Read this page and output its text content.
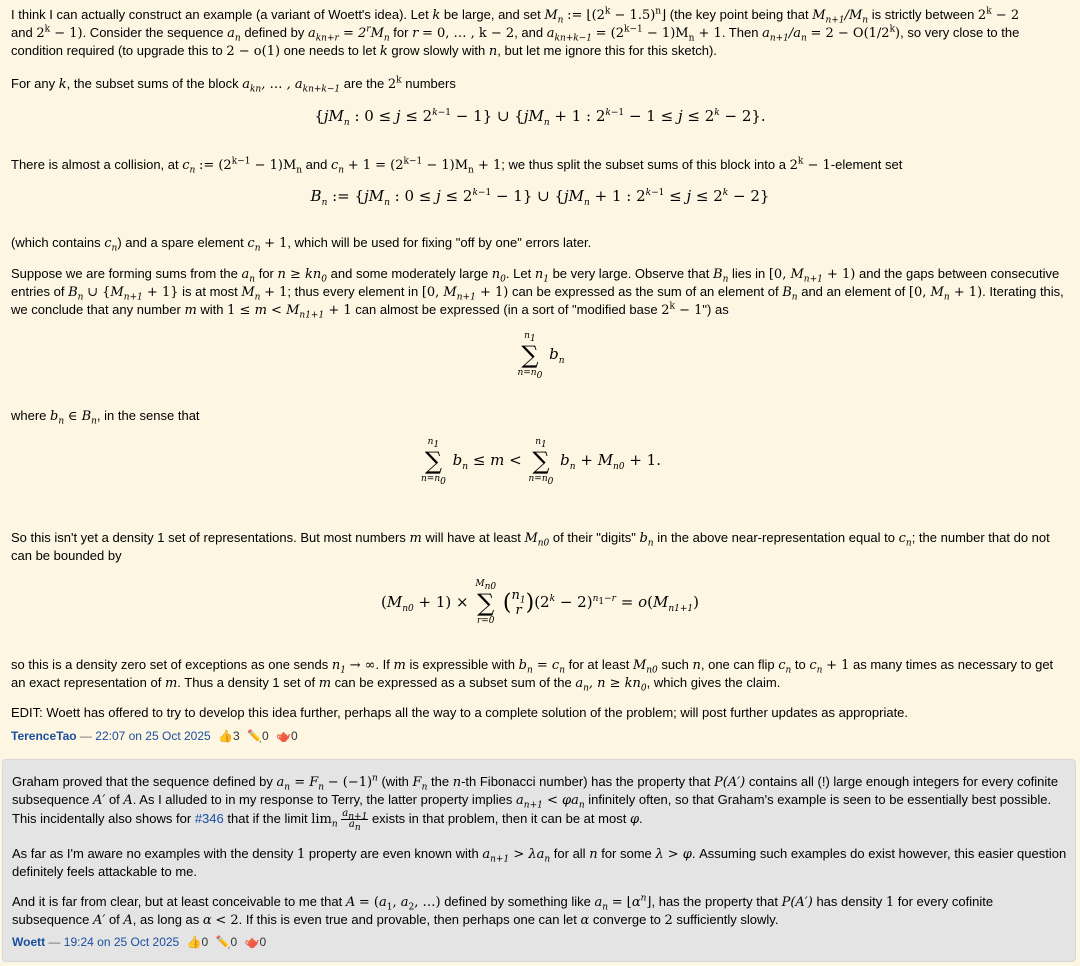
I think I can actually construct an example (a variant of Woett's idea). Let k be large, and set $M_n$ := $⌊(2^k$ − 1.5)$^n$⌋ (the key point being that $M_{n+1}/M_n$ is strictly between $2^k - 2$
and $2^k - 1$). Consider the sequence $a_n$ defined by $a_{kn+r} = 2^rM_n$ for r = 0, … , k − 2, and $a_{kn+k-1} = (2^{k-1} - 1)M_n + 1$. Then $a_{n+1}/a_n = 2 - O(1/2^k)$, so very close to the condition required (to upgrade this to 2 − o(1) one needs to let k grow slowly with n, but let me ignore this for this sketch).

For any k, the subset sums of the block $a_{kn}$, … , $a_{kn+k-1}$ are the 2$^k$ numbers

{$jM_n$ : $0 \le j \le 2^{k-1} - 1$} ∪ {$jM_n + 1$ : $2^{k-1} - 1 \le j \le 2^k - 2$}.

There is almost a collision, at $c_n$ := $(2^{k-1} - 1)M_n$ and $c_n + 1 = (2^{k-1} - 1)M_n + 1$; we thus split the subset sums of this block into a $2^k$ − 1-element set

$B_n$ := {$jM_n$ : $0 \le j \le 2^{k-1} - 1$} ∪ {$jM_n + 1$ : $2^{k-1} \le j \le 2^k - 2$}

(which contains $c_n$) and a spare element $c_n + 1$, which will be used for fixing "off by one" errors later.

Suppose we are forming sums from the $a_n$ for $n \ge kn_0$ and some moderately large $n_0$. Let $n_1$ be very large. Observe that $B_n$ lies in [0, $M_{n+1} + 1$) and the gaps between consecutive entries of $B_n$ ∪ $\{M_{n+1} + 1\}$ is at most $M_n + 1$; thus every element in [0, $M_{n+1} + 1$) can be expressed as the sum of an element of $B_n$ and an element of [0, $M_n + 1$). Iterating this, we conclude that any number m with $1 \le m < M_{n1+1} + 1$ can almost be expressed (in a sort of "modified base $2^k$ − 1") as

$n_1$
∑
$n=n_0$
$b_n$

where $b_n$ ∈ $B_n$, in the sense that

$n_1$
∑
$n=n_0$
$b_n \le m$ <
$n_1$
∑
$n=n_0$
$b_n + M_{n0} + 1$.

So this isn't yet a density 1 set of representations. But most numbers m will have at least $M_{n0}$ of their "digits" $b_n$ in the above near-representation equal to $c_n$; the number that do not can be bounded by

$(M_{n0} + 1)$ ×
$M_{n0}$
∑
r=0
( $n_1$
r )$(2^k - 2)^{n_1-r} = o(M_{n1+1})$

so this is a density zero set of exceptions as one sends $n_1$ → ∞. If m is expressible with $b_n = c_n$ for at least $M_{n0}$ such n, one can flip $c_n$ to $c_n + 1$ as many times as necessary to get an exact representation of m. Thus a density 1 set of m can be expressed as a subset sum of the $a_n$, $n \ge kn_0$, which gives the claim.

EDIT: Woett has offered to try to develop this idea further, perhaps all the way to a complete solution of the problem; will post further updates as appropriate.

TerenceTao — 22:07 on 25 Oct 2025 👍3 ✏️0 🫖0

Graham proved that the sequence defined by $a_n = F_n - (-1)^n$ (with $F_n$ the n-th Fibonacci number) has the property that P(A′) contains all (!) large enough integers for every cofinite subsequence A′ of A. As I alluded to in my response to Terry, the latter property implies $a_{n+1} < \varphi a_n$ infinitely often, so that Graham's example is seen to be essentially best possible. This incidentally also shows for #346 that if the limit $\lim_n \frac{a_{n+1}}{a_n}$ exists in that problem, then it can be at most φ.

As far as I'm aware no examples with the density 1 property are even known with $a_{n+1} > \lambda a_n$ for all n for some λ > φ. Assuming such examples do exist however, this easier question definitely feels attackable to me.

And it is far from clear, but at least conceivable to me that $A = (a_1$, $a_2$, …) defined by something like $a_n$ = $⌊\alpha^n⌋$, has the property that P(A′) has density 1 for every cofinite subsequence A′ of A, as long as α < 2. If this is even true and provable, then perhaps one can let α converge to 2 sufficiently slowly.

Woett — 19:24 on 25 Oct 2025 👍0 ✏️0 🫖0
